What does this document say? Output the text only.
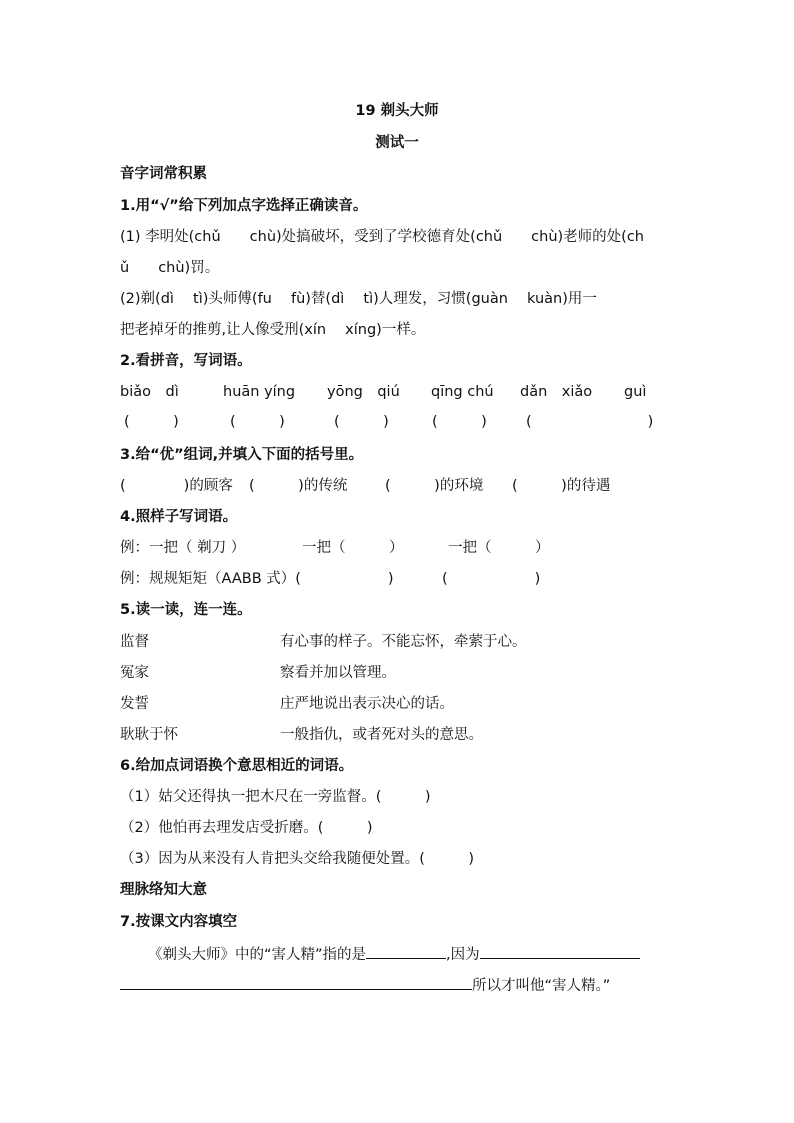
19 剃头大师
测试一
音字词常积累
1.用“√”给下列加点字选择正确读音。
(1) 李明处(chǔ　　chù)处搞破坏，受到了学校德育处(chǔ　　chù)老师的处(ch
ǔ　　chù)罚。
(2)剃(dì　 tì)头师傅(fu　 fù)替(dì　 tì)人理发，习惯(guàn　 kuàn)用一
把老掉牙的推剪,让人像受刑(xín　 xíng)一样。
2.看拼音，写词语。
biǎo　dì	huān yíng yōng　qiú qīng chú dǎn　xiǎo guì
(　　　)	(　　　)	(　　　)	(　　　)	(　　　　　　　　)
3.给“优”组词,并填入下面的括号里。
(　　　　)的顾客 (　　　)的传统	(　　　)的环境 (　　　)的待遇
4.照样子写词语。
例：一把（ 剃刀 ）	一把（　　　）	一把（　　　）
例：规规矩矩（AABB 式）(　　　　　　)	(　　　　　　)
5.读一读，连一连。
监督	有心事的样子。不能忘怀，牵萦于心。
冤家	察看并加以管理。
发誓	庄严地说出表示决心的话。
耿耿于怀	一般指仇，或者死对头的意思。
6.给加点词语换个意思相近的词语。
（1）姑父还得执一把木尺在一旁监督。(　　　)
（2）他怕再去理发店受折磨。(　　　)
（3）因为从来没有人肯把头交给我随便处置。(　　　)
理脉络知大意
7.按课文内容填空
《剃头大师》中的“害人精”指的是	,因为
所以才叫他“害人精。”
